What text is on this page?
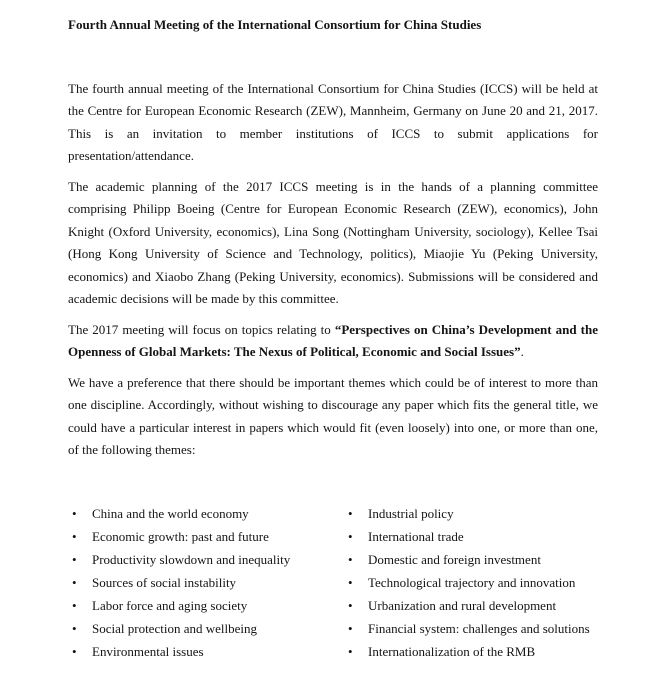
Fourth Annual Meeting of the International Consortium for China Studies

The fourth annual meeting of the International Consortium for China Studies (ICCS) will be held at the Centre for European Economic Research (ZEW), Mannheim, Germany on June 20 and 21, 2017. This is an invitation to member institutions of ICCS to submit applications for presentation/attendance.

The academic planning of the 2017 ICCS meeting is in the hands of a planning committee comprising Philipp Boeing (Centre for European Economic Research (ZEW), economics), John Knight (Oxford University, economics), Lina Song (Nottingham University, sociology), Kellee Tsai (Hong Kong University of Science and Technology, politics), Miaojie Yu (Peking University, economics) and Xiaobo Zhang (Peking University, economics). Submissions will be considered and academic decisions will be made by this committee.

The 2017 meeting will focus on topics relating to “Perspectives on China’s Development and the Openness of Global Markets: The Nexus of Political, Economic and Social Issues”.

We have a preference that there should be important themes which could be of interest to more than one discipline. Accordingly, without wishing to discourage any paper which fits the general title, we could have a particular interest in papers which would fit (even loosely) into one, or more than one, of the following themes:

•	China and the world economy
•	Economic growth: past and future
•	Productivity slowdown and inequality
•	Sources of social instability
•	Labor force and aging society
•	Social protection and wellbeing
•	Environmental issues
•	Industrial policy
•	International trade
•	Domestic and foreign investment
•	Technological trajectory and innovation
•	Urbanization and rural development
•	Financial system: challenges and solutions
•	Internationalization of the RMB
